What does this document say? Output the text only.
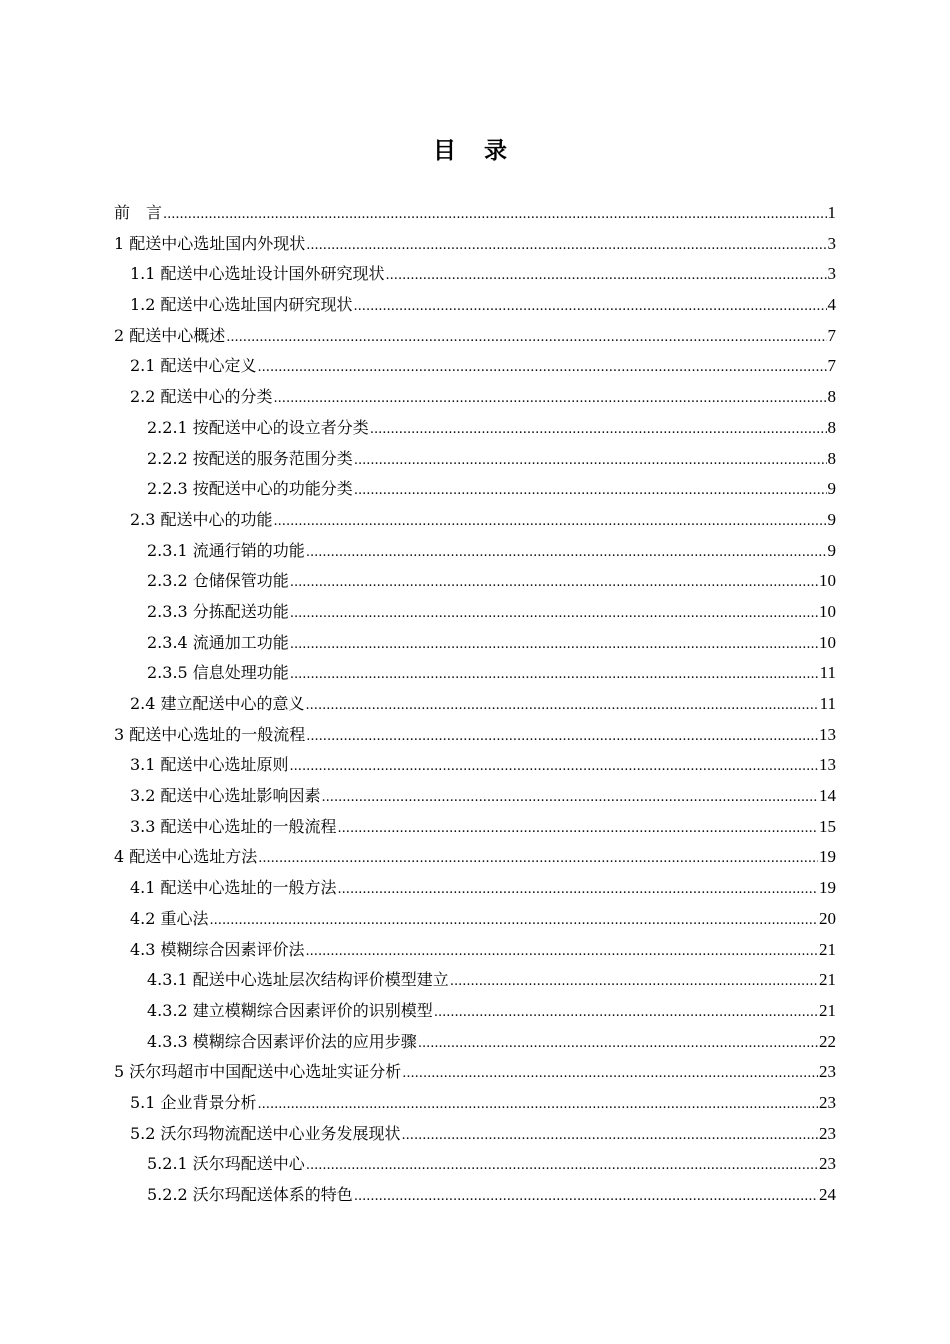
目 录
前　言 .....	1
1 配送中心选址国内外现状 .....	3
1.1 配送中心选址设计国外研究现状 .....	3
1.2 配送中心选址国内研究现状 .....	4
2 配送中心概述 .....	7
2.1 配送中心定义 .....	7
2.2 配送中心的分类 .....	8
2.2.1 按配送中心的设立者分类 .....	8
2.2.2 按配送的服务范围分类 .....	8
2.2.3 按配送中心的功能分类 .....	9
2.3 配送中心的功能 .....	9
2.3.1 流通行销的功能 .....	9
2.3.2 仓储保管功能 .....	10
2.3.3 分拣配送功能 .....	10
2.3.4 流通加工功能 .....	10
2.3.5 信息处理功能 .....	11
2.4 建立配送中心的意义 .....	11
3 配送中心选址的一般流程 .....	13
3.1 配送中心选址原则 .....	13
3.2 配送中心选址影响因素 .....	14
3.3 配送中心选址的一般流程 .....	15
4 配送中心选址方法 .....	19
4.1 配送中心选址的一般方法 .....	19
4.2 重心法 .....	20
4.3 模糊综合因素评价法 .....	21
4.3.1 配送中心选址层次结构评价模型建立 .....	21
4.3.2 建立模糊综合因素评价的识别模型 .....	21
4.3.3 模糊综合因素评价法的应用步骤 .....	22
5 沃尔玛超市中国配送中心选址实证分析 .....	23
5.1 企业背景分析 .....	23
5.2 沃尔玛物流配送中心业务发展现状 .....	23
5.2.1 沃尔玛配送中心 .....	23
5.2.2 沃尔玛配送体系的特色 .....	24
